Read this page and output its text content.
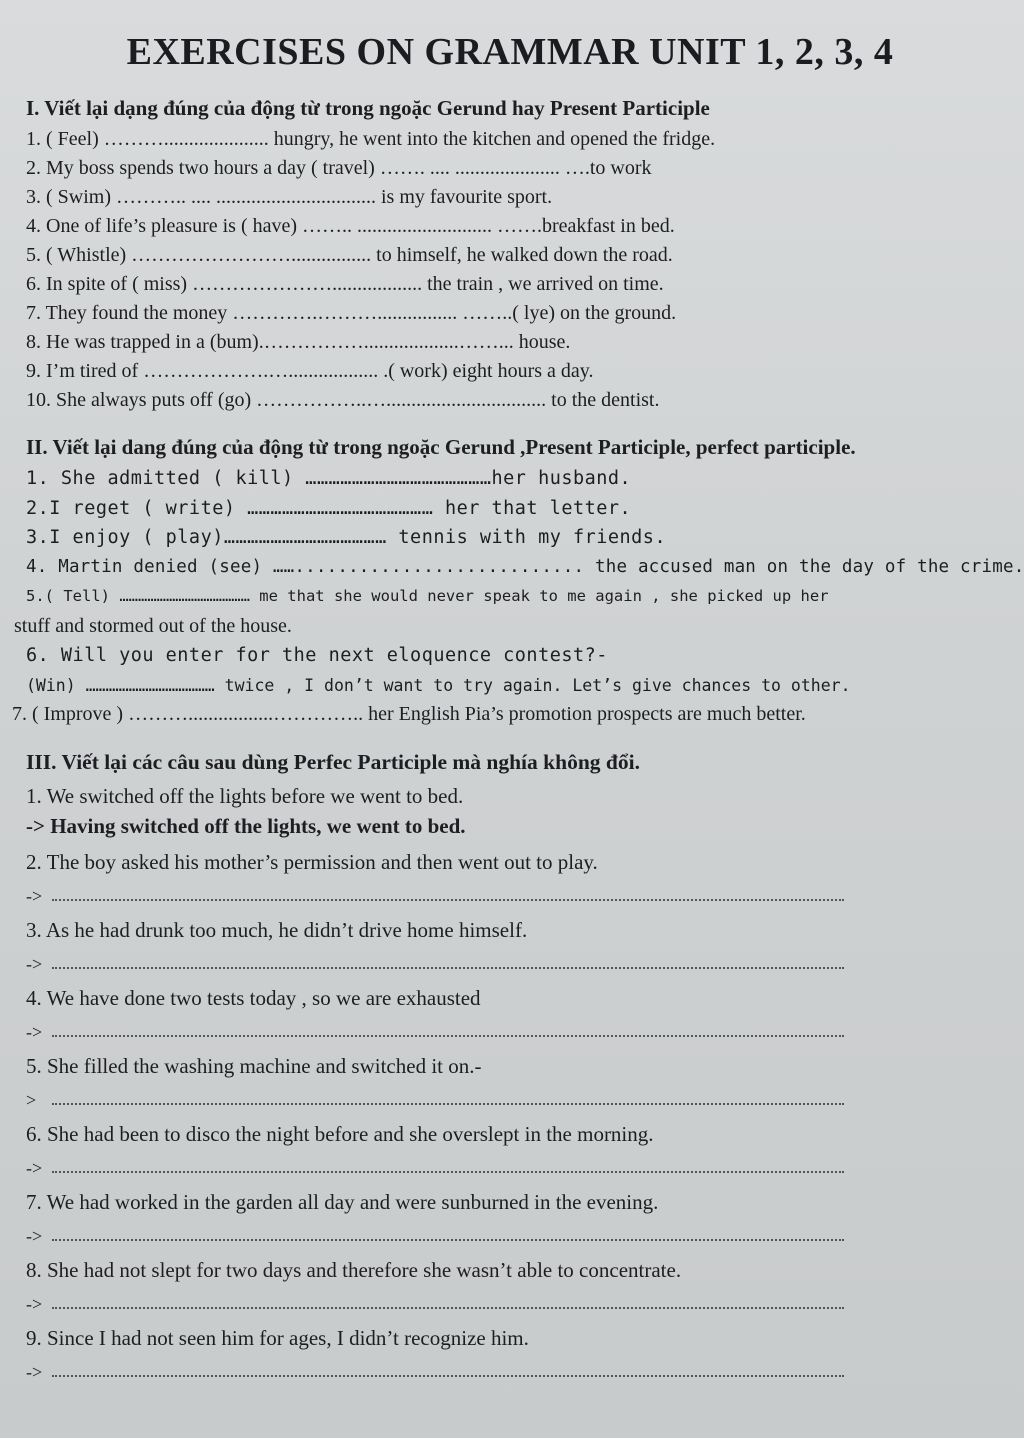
EXERCISES ON GRAMMAR UNIT 1, 2, 3, 4
I. Viết lại dạng đúng của động từ trong ngoặc Gerund hay Present Participle
1. ( Feel) ………..................... hungry, he went into the kitchen and opened the fridge.
2. My boss spends two hours a day ( travel) ……. .... ..................... ….to work
3. ( Swim) ……….. .... ................................ is my favourite sport.
4. One of life’s pleasure is ( have) …….. ........................... …….breakfast in bed.
5. ( Whistle) ……………………................ to himself, he walked down the road.
6. In spite of ( miss) ………………….................. the train , we arrived on time.
7. They found the money ………….………................ ……..( lye) on the ground.
8. He was trapped in a (bum).……………...................……... house.
9. I’m tired of ……………….….................. .( work) eight hours a day.
10. She always puts off (go) ……………..…................................ to the dentist.
II. Viết lại dang đúng của động từ trong ngoặc Gerund ,Present Participle, perfect participle.
1. She admitted ( kill) …………………………………………her husband.
2.I reget ( write) ………………………………………… her that letter.
3.I enjoy ( play)…………………………………… tennis with my friends.
4. Martin denied (see) ……........................... the accused man on the day of the crime.
5.( Tell) …………………………………… me that she would never speak to me again , she picked up her
stuff and stormed out of the house.
6. Will you enter for the next eloquence contest?-
(Win) ………………………………… twice , I don’t want to try again. Let’s give chances to other.
7. ( Improve ) ……….................………….. her English Pia’s promotion prospects are much better.
III. Viết lại các câu sau dùng Perfec Participle mà nghía không đổi.
1. We switched off the lights before we went to bed.
-> Having switched off the lights, we went to bed.
2. The boy asked his mother’s permission and then went out to play.
->
3. As he had drunk too much, he didn’t drive home himself.
->
4. We have done two tests today , so we are exhausted
->
5. She filled the washing machine and switched it on.-
>
6. She had been to disco the night before and she overslept in the morning.
->
7. We had worked in the garden all day and were sunburned in the evening.
->
8. She had not slept for two days and therefore she wasn’t able to concentrate.
->
9. Since I had not seen him for ages, I didn’t recognize him.
->
